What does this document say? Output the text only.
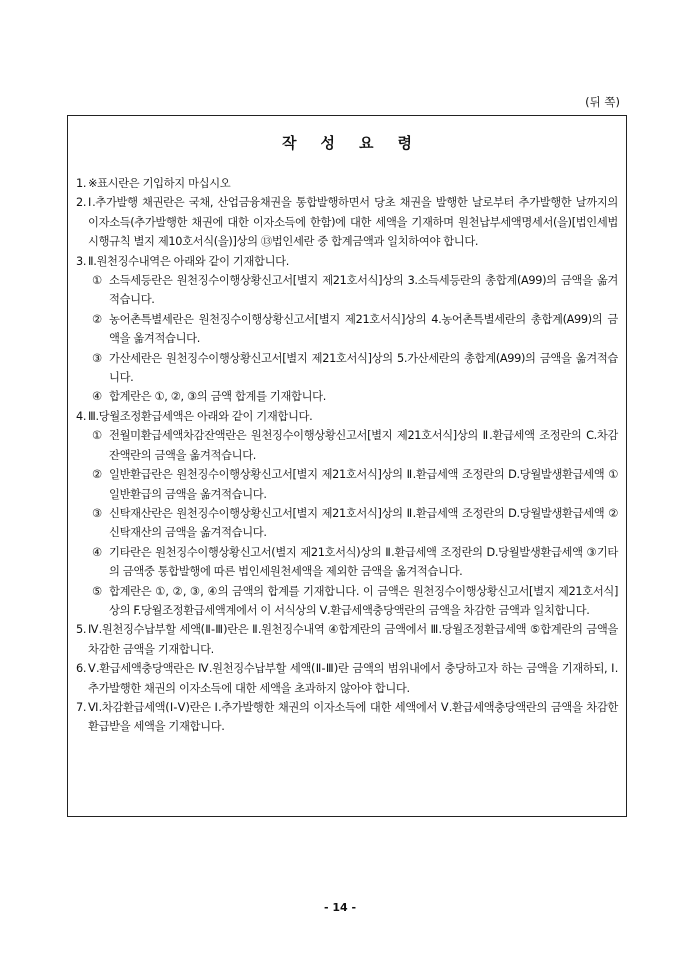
(뒤 쪽)
작성요령
1. ※표시란은 기입하지 마십시오
2. Ⅰ.추가발행 채권란은 국채, 산업금융채권을 통합발행하면서 당초 채권을 발행한 날로부터 추가발행한 날까지의 이자소득(추가발행한 채권에 대한 이자소득에 한함)에 대한 세액을 기재하며 원천납부세액명세서(을)[법인세법시행규칙 별지 제10호서식(을)]상의 ⑬법인세란 중 합계금액과 일치하여야 합니다.
3. Ⅱ.원천징수내역은 아래와 같이 기재합니다.
① 소득세등란은 원천징수이행상황신고서[별지 제21호서식]상의 3.소득세등란의 총합계(A99)의 금액을 옮겨적습니다.
② 농어촌특별세란은 원천징수이행상황신고서[별지 제21호서식]상의 4.농어촌특별세란의 총합계(A99)의 금액을 옮겨적습니다.
③ 가산세란은 원천징수이행상황신고서[별지 제21호서식]상의 5.가산세란의 총합계(A99)의 금액을 옮겨적습니다.
④ 합계란은 ①, ②, ③의 금액 합계를 기재합니다.
4. Ⅲ.당월조정환급세액은 아래와 같이 기재합니다.
① 전월미환급세액차감잔액란은 원천징수이행상황신고서[별지 제21호서식]상의 Ⅱ.환급세액 조정란의 C.차감잔액란의 금액을 옮겨적습니다.
② 일반환급란은 원천징수이행상황신고서[별지 제21호서식]상의 Ⅱ.환급세액 조정란의 D.당월발생환급세액 ①일반환급의 금액을 옮겨적습니다.
③ 신탁재산란은 원천징수이행상황신고서[별지 제21호서식]상의 Ⅱ.환급세액 조정란의 D.당월발생환급세액 ②신탁재산의 금액을 옮겨적습니다.
④ 기타란은 원천징수이행상황신고서(별지 제21호서식)상의 Ⅱ.환급세액 조정란의 D.당월발생환급세액 ③기타의 금액중 통합발행에 따른 법인세원천세액을 제외한 금액을 옮겨적습니다.
⑤ 합계란은 ①, ②, ③, ④의 금액의 합계를 기재합니다. 이 금액은 원천징수이행상황신고서[별지 제21호서식]상의 F.당월조정환급세액계에서 이 서식상의 Ⅴ.환급세액충당액란의 금액을 차감한 금액과 일치합니다.
5. Ⅳ.원천징수납부할 세액(Ⅱ-Ⅲ)란은 Ⅱ.원천징수내역 ④합계란의 금액에서 Ⅲ.당월조정환급세액 ⑤합계란의 금액을 차감한 금액을 기재합니다.
6. Ⅴ.환급세액충당액란은 Ⅳ.원천징수납부할 세액(Ⅱ-Ⅲ)란 금액의 범위내에서 충당하고자 하는 금액을 기재하되, Ⅰ.추가발행한 채권의 이자소득에 대한 세액을 초과하지 않아야 합니다.
7. Ⅵ.차감환급세액(Ⅰ-Ⅴ)란은 Ⅰ.추가발행한 채권의 이자소득에 대한 세액에서 Ⅴ.환급세액충당액란의 금액을 차감한 환급받을 세액을 기재합니다.
- 14 -
